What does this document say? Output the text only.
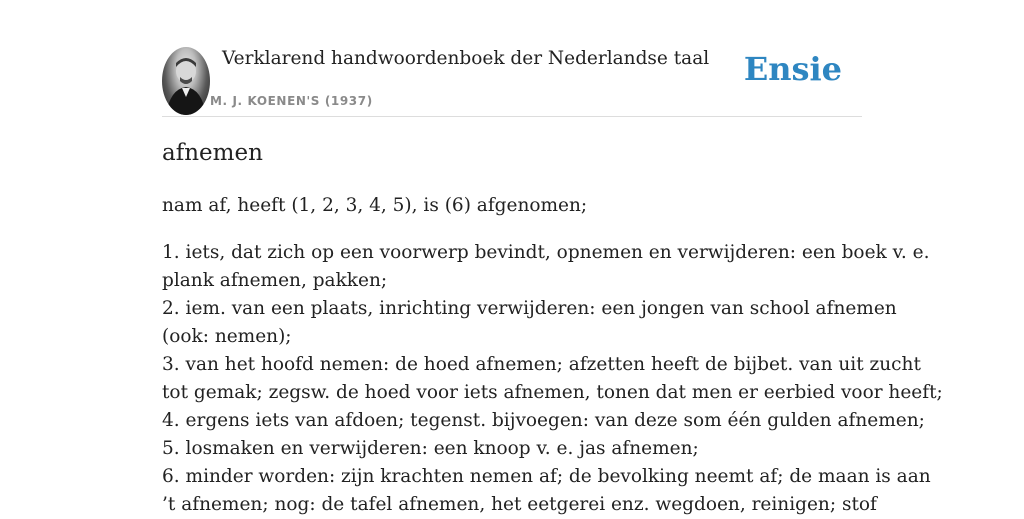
Verklarend handwoordenboek der Nederlandse taal
M. J. KOENEN'S (1937)
Ensie
afnemen

nam af, heeft (1, 2, 3, 4, 5), is (6) afgenomen;

1. iets, dat zich op een voorwerp bevindt, opnemen en verwijderen: een boek v. e.
plank afnemen, pakken;
2. iem. van een plaats, inrichting verwijderen: een jongen van school afnemen
(ook: nemen);
3. van het hoofd nemen: de hoed afnemen; afzetten heeft de bijbet. van uit zucht
tot gemak; zegsw. de hoed voor iets afnemen, tonen dat men er eerbied voor heeft;
4. ergens iets van afdoen; tegenst. bijvoegen: van deze som één gulden afnemen;
5. losmaken en verwijderen: een knoop v. e. jas afnemen;
6. minder worden: zijn krachten nemen af; de bevolking neemt af; de maan is aan
’t afnemen; nog: de tafel afnemen, het eetgerei enz. wegdoen, reinigen; stof
